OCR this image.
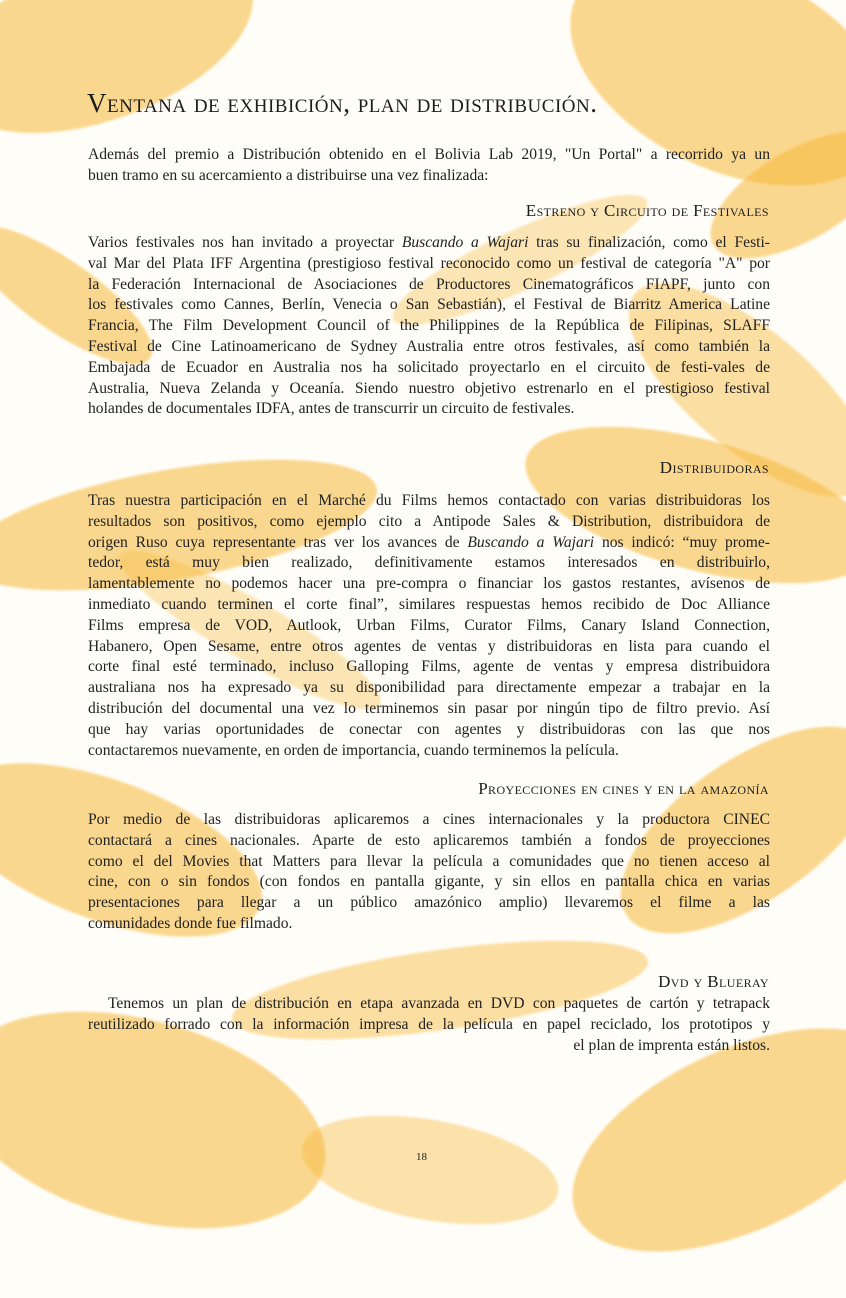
Ventana de exhibición, plan de distribución.
Además del premio a Distribución obtenido en el Bolivia Lab 2019, "Un Portal" a recorrido ya un
buen tramo en su acercamiento a distribuirse una vez finalizada:
18
Estreno y Circuito de Festivales
Varios festivales nos han invitado a proyectar Buscando a Wajari tras su finalización, como el Festi-
val Mar del Plata IFF Argentina (prestigioso festival reconocido como un festival de categoría "A" por
la Federación Internacional de Asociaciones de Productores Cinematográficos FIAPF, junto con
los festivales como Cannes, Berlín, Venecia o San Sebastián), el Festival de Biarritz America Latine
Francia, The Film Development Council of the Philippines de la República de Filipinas, SLAFF
Festival de Cine Latinoamericano de Sydney Australia entre otros festivales, así como también la
Embajada de Ecuador en Australia nos ha solicitado proyectarlo en el circuito de festi-vales de
Australia, Nueva Zelanda y Oceanía. Siendo nuestro objetivo estrenarlo en el prestigioso festival
holandes de documentales IDFA, antes de transcurrir un circuito de festivales.
Distribuidoras
Tras nuestra participación en el Marché du Films hemos contactado con varias distribuidoras los
resultados son positivos, como ejemplo cito a Antipode Sales & Distribution, distribuidora de
origen Ruso cuya representante tras ver los avances de Buscando a Wajari nos indicó: “muy prome-
tedor, está muy bien realizado, definitivamente estamos interesados en distribuirlo,
lamentablemente no podemos hacer una pre-compra o financiar los gastos restantes, avísenos de
inmediato cuando terminen el corte final”, similares respuestas hemos recibido de Doc Alliance
Films empresa de VOD, Autlook, Urban Films, Curator Films, Canary Island Connection,
Habanero, Open Sesame, entre otros agentes de ventas y distribuidoras en lista para cuando el
corte final esté terminado, incluso Galloping Films, agente de ventas y empresa distribuidora
australiana nos ha expresado ya su disponibilidad para directamente empezar a trabajar en la
distribución del documental una vez lo terminemos sin pasar por ningún tipo de filtro previo. Así
que hay varias oportunidades de conectar con agentes y distribuidoras con las que nos
contactaremos nuevamente, en orden de importancia, cuando terminemos la película.
Proyecciones en cines y en la amazonía
Por medio de las distribuidoras aplicaremos a cines internacionales y la productora CINEC
contactará a cines nacionales. Aparte de esto aplicaremos también a fondos de proyecciones
como el del Movies that Matters para llevar la película a comunidades que no tienen acceso al
cine, con o sin fondos (con fondos en pantalla gigante, y sin ellos en pantalla chica en varias
presentaciones para llegar a un público amazónico amplio) llevaremos el filme a las
comunidades donde fue filmado.
Dvd y Blueray
Tenemos un plan de distribución en etapa avanzada en DVD con paquetes de cartón y tetrapack
reutilizado forrado con la información impresa de la película en papel reciclado, los prototipos y
el plan de imprenta están listos.
